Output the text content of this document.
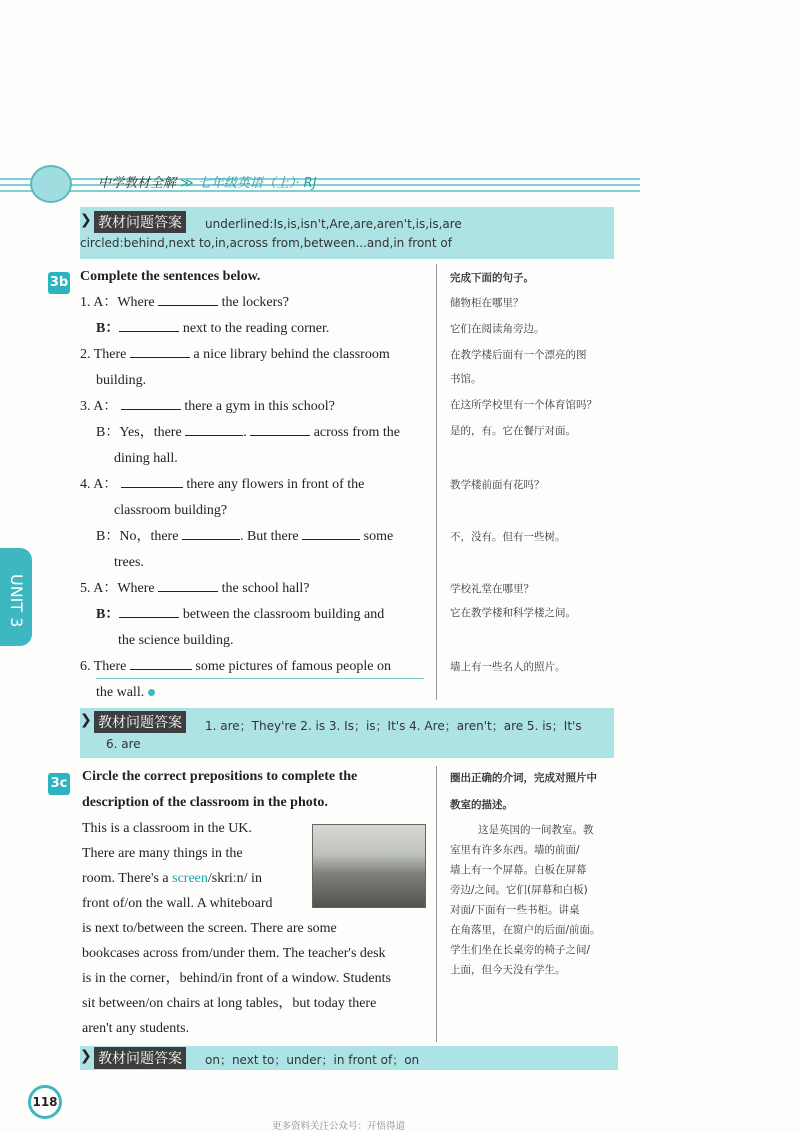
中学教材全解 ≫ 七年级英语（上）· RJ
❯ 教材问题答案	underlined:Is,is,isn't,Are,are,aren't,is,is,are
circled:behind,next to,in,across from,between...and,in front of
3b Complete the sentences below.	完成下面的句子。
1. A：Where	the lockers?
B：	next to the reading corner.
2. There	a nice library behind the classroom
building.
3. A：	there a gym in this school?
B：Yes，there	.	across from the
dining hall.
4. A：	there any flowers in front of the
classroom building?
B：No，there	. But there	some
trees.
5. A：Where	the school hall?
B：	between the classroom building and
the science building.
6. There	some pictures of famous people on
the wall.
储物柜在哪里？
它们在阅读角旁边。
在教学楼后面有一个漂亮的图
书馆。
在这所学校里有一个体育馆吗？
是的，有。它在餐厅对面。
教学楼前面有花吗？
不，没有。但有一些树。
学校礼堂在哪里？
它在教学楼和科学楼之间。
墙上有一些名人的照片。
❯ 教材问题答案	1. are；They're 2. is 3. Is；is；It's 4. Are；aren't；are 5. is；It's
6. are
UNIT 3
3c Circle the correct prepositions to complete the
description of the classroom in the photo.
圈出正确的介词，完成对照片中
教室的描述。
This is a classroom in the UK.
There are many things in the
room. There's a screen/skriːn/ in
front of/on the wall. A whiteboard
is next to/between the screen. There are some
bookcases across from/under them. The teacher's desk
is in the corner，behind/in front of a window. Students
sit between/on chairs at long tables，but today there
aren't any students.
这是英国的一间教室。教
室里有许多东西。墙的前面/
墙上有一个屏幕。白板在屏幕
旁边/之间。它们(屏幕和白板)
对面/下面有一些书柜。讲桌
在角落里，在窗户的后面/前面。
学生们坐在长桌旁的椅子之间/
上面，但今天没有学生。
❯ 教材问题答案	on；next to；under；in front of；on
118
更多资料关注公众号：开悟得道
